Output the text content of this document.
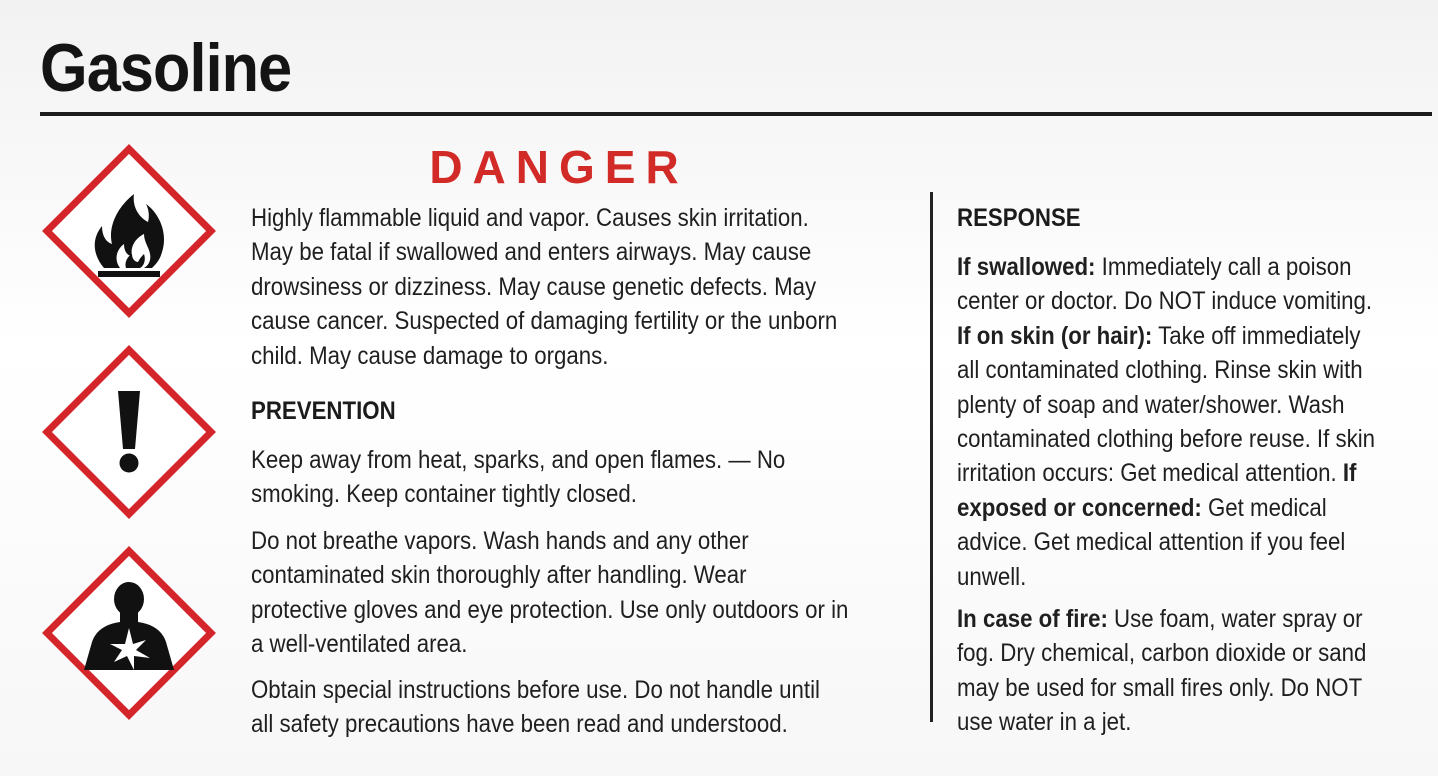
Gasoline
DANGER
Highly flammable liquid and vapor. Causes skin irritation.
May be fatal if swallowed and enters airways. May cause
drowsiness or dizziness. May cause genetic defects. May
cause cancer. Suspected of damaging fertility or the unborn
child. May cause damage to organs.
PREVENTION
Keep away from heat, sparks, and open flames. — No
smoking. Keep container tightly closed.
Do not breathe vapors. Wash hands and any other
contaminated skin thoroughly after handling. Wear
protective gloves and eye protection. Use only outdoors or in
a well-ventilated area.
Obtain special instructions before use. Do not handle until
all safety precautions have been read and understood.
RESPONSE
If swallowed: Immediately call a poison
center or doctor. Do NOT induce vomiting.
If on skin (or hair): Take off immediately
all contaminated clothing. Rinse skin with
plenty of soap and water/shower. Wash
contaminated clothing before reuse. If skin
irritation occurs: Get medical attention. If
exposed or concerned: Get medical
advice. Get medical attention if you feel
unwell.
In case of fire: Use foam, water spray or
fog. Dry chemical, carbon dioxide or sand
may be used for small fires only. Do NOT
use water in a jet.
